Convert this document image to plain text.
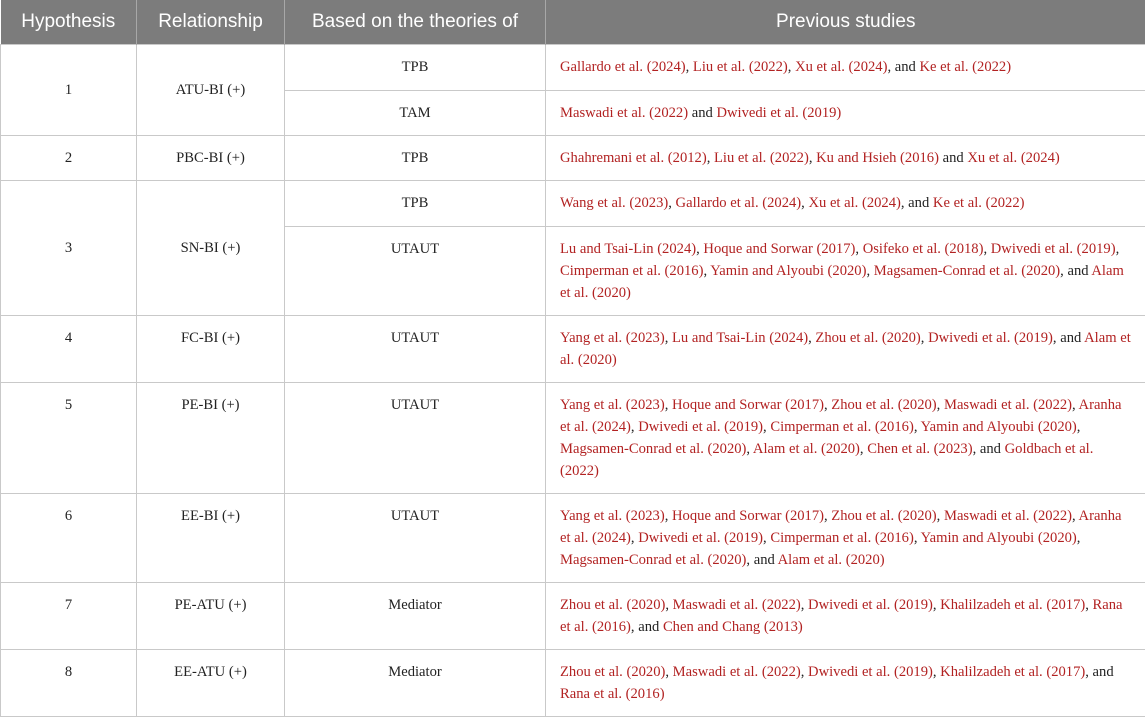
Hypothesis	Relationship	Based on the theories of	Previous studies
1	ATU-BI (+)	TPB	Gallardo et al. (2024), Liu et al. (2022), Xu et al. (2024), and Ke et al. (2022)
		TAM	Maswadi et al. (2022) and Dwivedi et al. (2019)
2	PBC-BI (+)	TPB	Ghahremani et al. (2012), Liu et al. (2022), Ku and Hsieh (2016) and Xu et al. (2024)
3	SN-BI (+)	TPB	Wang et al. (2023), Gallardo et al. (2024), Xu et al. (2024), and Ke et al. (2022)
		UTAUT	Lu and Tsai-Lin (2024), Hoque and Sorwar (2017), Osifeko et al. (2018), Dwivedi et al. (2019), Cimperman et al. (2016), Yamin and Alyoubi (2020), Magsamen-Conrad et al. (2020), and Alam et al. (2020)
4	FC-BI (+)	UTAUT	Yang et al. (2023), Lu and Tsai-Lin (2024), Zhou et al. (2020), Dwivedi et al. (2019), and Alam et al. (2020)
5	PE-BI (+)	UTAUT	Yang et al. (2023), Hoque and Sorwar (2017), Zhou et al. (2020), Maswadi et al. (2022), Aranha et al. (2024), Dwivedi et al. (2019), Cimperman et al. (2016), Yamin and Alyoubi (2020), Magsamen-Conrad et al. (2020), Alam et al. (2020), Chen et al. (2023), and Goldbach et al. (2022)
6	EE-BI (+)	UTAUT	Yang et al. (2023), Hoque and Sorwar (2017), Zhou et al. (2020), Maswadi et al. (2022), Aranha et al. (2024), Dwivedi et al. (2019), Cimperman et al. (2016), Yamin and Alyoubi (2020), Magsamen-Conrad et al. (2020), and Alam et al. (2020)
7	PE-ATU (+)	Mediator	Zhou et al. (2020), Maswadi et al. (2022), Dwivedi et al. (2019), Khalilzadeh et al. (2017), Rana et al. (2016), and Chen and Chang (2013)
8	EE-ATU (+)	Mediator	Zhou et al. (2020), Maswadi et al. (2022), Dwivedi et al. (2019), Khalilzadeh et al. (2017), and Rana et al. (2016)
